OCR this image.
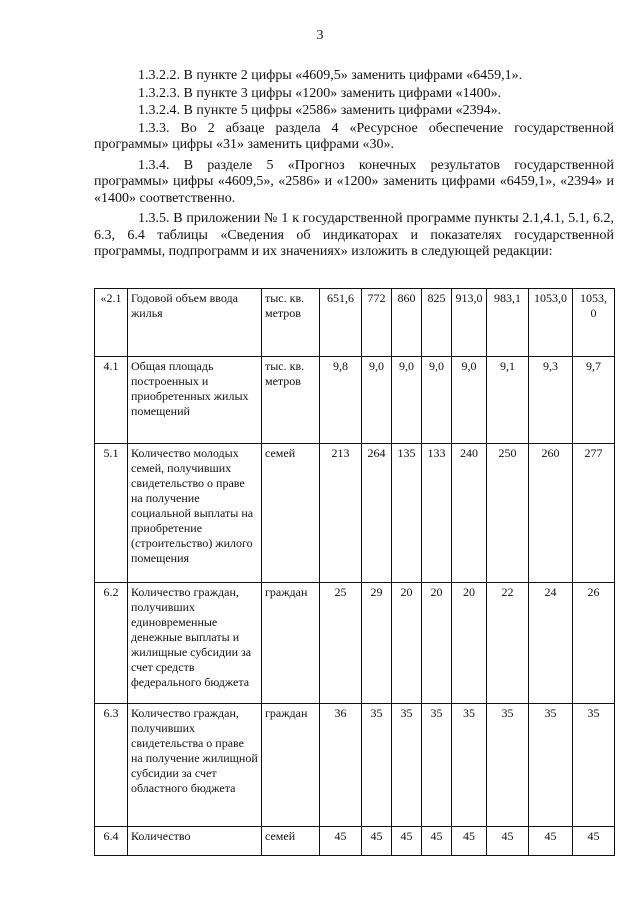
3

1.3.2.2. В пункте 2 цифры «4609,5» заменить цифрами «6459,1».

1.3.2.3. В пункте 3 цифры «1200» заменить цифрами «1400».

1.3.2.4. В пункте 5 цифры «2586» заменить цифрами «2394».

1.3.3. Во 2 абзаце раздела 4 «Ресурсное обеспечение государственной программы» цифры «31» заменить цифрами «30».

1.3.4. В разделе 5 «Прогноз конечных результатов государственной программы» цифры «4609,5», «2586» и «1200» заменить цифрами «6459,1», «2394» и «1400» соответственно.

1.3.5. В приложении № 1 к государственной программе пункты 2.1,4.1, 5.1, 6.2, 6.3, 6.4 таблицы «Сведения об индикаторах и показателях государственной программы, подпрограмм и их значениях» изложить в следующей редакции:

«2.1	Годовой объем ввода жилья	тыс. кв. метров	651,6	772	860	825	913,0	983,1	1053,0	1053, 0
4.1	Общая площадь построенных и приобретенных жилых помещений	тыс. кв. метров	9,8	9,0	9,0	9,0	9,0	9,1	9,3	9,7
5.1	Количество молодых семей, получивших свидетельство о праве на получение социальной выплаты на приобретение (строительство) жилого помещения	семей	213	264	135	133	240	250	260	277
6.2	Количество граждан, получивших единовременные денежные выплаты и жилищные субсидии за счет средств федерального бюджета	граждан	25	29	20	20	20	22	24	26
6.3	Количество граждан, получивших свидетельства о праве на получение жилищной субсидии за счет областного бюджета	граждан	36	35	35	35	35	35	35	35
6.4	Количество	семей	45	45	45	45	45	45	45	45
